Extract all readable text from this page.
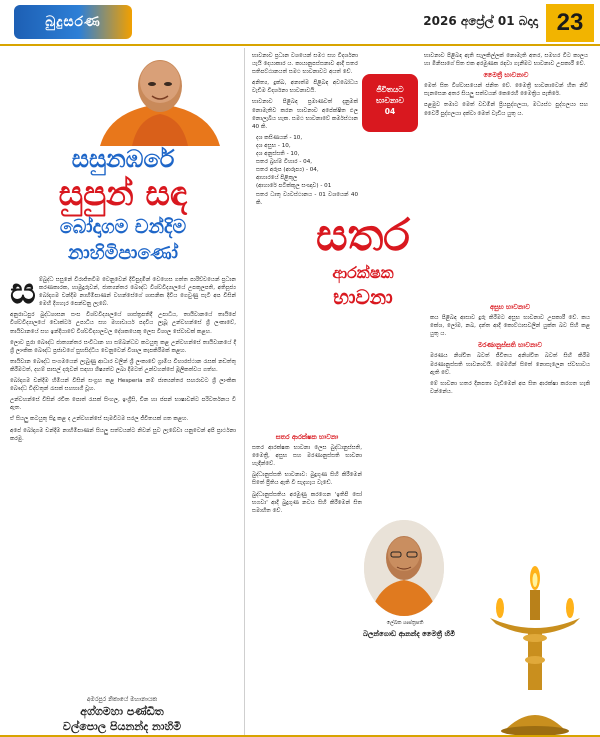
බුදුසරණ	2026 අප්‍රේල් 01 බදාදා 23
සසුනඹරේ
සුපුන් සඳ
බෝදාගම චන්දිම
නාහිමිපාණෝ

ස ම්බුද්ධ සසුනේ විරාජිතවීම වෙනුවෙන් දිවිපුදමින් වෙහෙස ගත්ත පාරිච්චයෙන් ප්‍රධාන කරණකාරක, හාමුදුරුවන්, ජාත්‍යන්තර බෞද්ධ විශ්වවිද්‍යාලයේ උපකුලපති, අතිපූජ්‍ය බෝදාගම චන්දිම නාහිමිපාණන් වහන්සේගේ ශාසනික දිවිය ගෙවුණු සැටි අප විසින් මෙහි දිගහැර පෙන්වනු ලැබේ.

අනුරාධපුර බුද්ධශාසන සංඝ විශ්වවිද්‍යාලයේ ශාස්ත්‍රපතිදී උපාධිය, තායිවානයේ තායිපේ විශ්වවිද්‍යාලයේ ඩොක්ටර් උපාධිය සහ මහාචාර්ය පදවිය ලැබූ උන්වහන්සේ ශ්‍රී ලංකාවේ, තායිවානයේ සහ ඉන්දියාවේ විශ්වවිද්‍යාලවල දේශකයෙකු ලෙස විශාල සේවාවක් කළහ.

ලොව පුරා බෞද්ධ ජාත්‍යන්තර සංවිධාන හා සම්බන්ධව කටයුතු කළ උන්වහන්සේ තායිවානයේ දී ශ්‍රී ලාංකික බෞද්ධ ප්‍රජාවගේ සුභසිද්ධිය වෙනුවෙන් විශාල කැපකිරීමක් කළහ.

තායිවාන බෞද්ධ සංගමයෙන් ලැබුණු ආධාර වලින් ශ්‍රී ලංකාවේ ග්‍රාමීය විහාරස්ථාන රැසක් නඩත්තු කිරීමටත්, දහම් පාසල් දරුවන් සඳහා ශිෂ්‍යත්ව ලබා දීමටත් උන්වහන්සේ මූලිකත්වය ගත්හ.

බෝදාගම චන්දිම හිමියන් විසින් සංග්‍රහ කළ Hesperia නම් ජාත්‍යන්තර සඟරාවට ශ්‍රී ලාංකික බෞද්ධ විද්වතුන් රැසක් සහභාගී වූහ.

උන්වහන්සේ විසින් රචිත පොත් රැසක් සිංහල, ඉංග්‍රීසි, චීන හා ජපන් භාෂාවන්ට පරිවර්තනය වී ඇත.

ඒ සියලු කටයුතු සිදු කළ ද උන්වහන්සේ සැමවිටම සරල ජීවිතයක් ගත කළහ.

අපේ බෝදාගම චන්දිම නාහිමිපාණන් සියලු සත්වයන්ට නිවන් සුව ලැබේවා යනුවෙන් අපි ප්‍රාර්ථනා කරමු.

අමරපුර නිකායේ මහානායක
අග්ගමහා පණ්ඩිත
වල්පොල පියනන්ද නාහිමි

භාවනාව ප්‍රධාන වශයෙන් සමථ සහ විදර්ශනා යැයි දෙයාකාර ය. කායානුපස්සනාව ආදී සතර සතිපට්ඨානයත් සමථ භාවනාවට අයත් වේ.

අනිත්‍ය, දුක්ඛ, අනාත්ම පිළිබඳ අවබෝධය වැඩීම විදර්ශනා භාවනාවයි.

භාවනාව පිළිබඳ ප්‍රමාණවත් දැනුමක් නොමැතිව කරන භාවනාව අපේක්ෂිත ඵල නොලැබිය හැක. සමථ භාවනාවේ කර්මස්ථාන 40 කි.

දශ කසිණයන් - 10,
දශ අසුභ - 10,
දශ අනුස්සති - 10,
සතර බ්‍රහ්ම විහාර - 04,
සතර අරූප (ආරූප්‍ය) - 04,
ආහාරයේ පිළිකුල
(ආහාරේ පටික්කූල සංඥාව) - 01
සතර ධාතු ව්‍යවස්ථානය - 01 වශයෙන් 40 කි.
ජීවිතයට
භාවනාව
04

භාවනාව පිළිබඳ ඇති සැලකිල්ලක් නොමැති අතර, සමහර විට කාලය හා මිනිසාගේ සිත එක අරමුණක රඳවා ගැනීමට භාවනාව උපකාරී වේ.

මෛත්‍රී භාවනාව

මෙත් සිත විශ්වාසයෙන් ජනිත වේ. මෛත්‍රී භාවනාවෙන් හිත නිවී සැනසෙන අතර සියලු සත්වයන් කෙරෙහි මෛත්‍රිය පැතිරේ.

පළමුව තමාට මෙත් වඩමින් ප්‍රියපුද්ගලයා, මධ්‍යස්ථ පුද්ගලයා සහ වෛරී පුද්ගලයා දක්වා මෙත් වැඩිය යුතු ය.

සතර
ආරක්ෂක
භාවනා
සතර ආරක්ෂක භාවනා

සතර ආරක්ෂක භාවනා ලෙස බුද්ධානුස්සති, මෛත්‍රී, අසුභ සහ මරණානුස්සති භාවනා හැඳින්වේ.

බුද්ධානුස්සති භාවනාව: බුදුගුණ සිහි කිරීමෙන් සිතේ ප්‍රීතිය ඇති වී සැදැහැය වැඩේ.

බුද්ධානුස්සතිය අරමුණු කරගෙන 'ඉතිපි සෝ භගවා' ආදී බුදුගුණ නවය සිහි කිරීමෙන් සිත සමාහිත වේ.

අසුභ භාවනාව

කය පිළිබඳ ආසාව දුරු කිරීමට අසුභ භාවනාව උපකාරී වේ. කය කේශ, ලෝම, නඛ, දන්ත ආදී කොට්ඨාසවලින් යුක්ත බව සිහි කළ යුතු ය.

මරණානුස්සති භාවනාව

මරණය නිශ්චිත බවත් ජීවිතය අනිශ්චිත බවත් සිහි කිරීම මරණානුස්සති භාවනාවයි. මෙමගින් සිතේ නොසැලෙන ස්වභාවය ඇති වේ.

මේ භාවනා හතර දිනපතා වැඩීමෙන් අප සිත ආරක්ෂා කරගත හැකි වන්නේය.

ලේඛක ශාස්ත්‍රපති
බලන්ගොඩ ආනන්ද මෛත්‍රී හිමි
